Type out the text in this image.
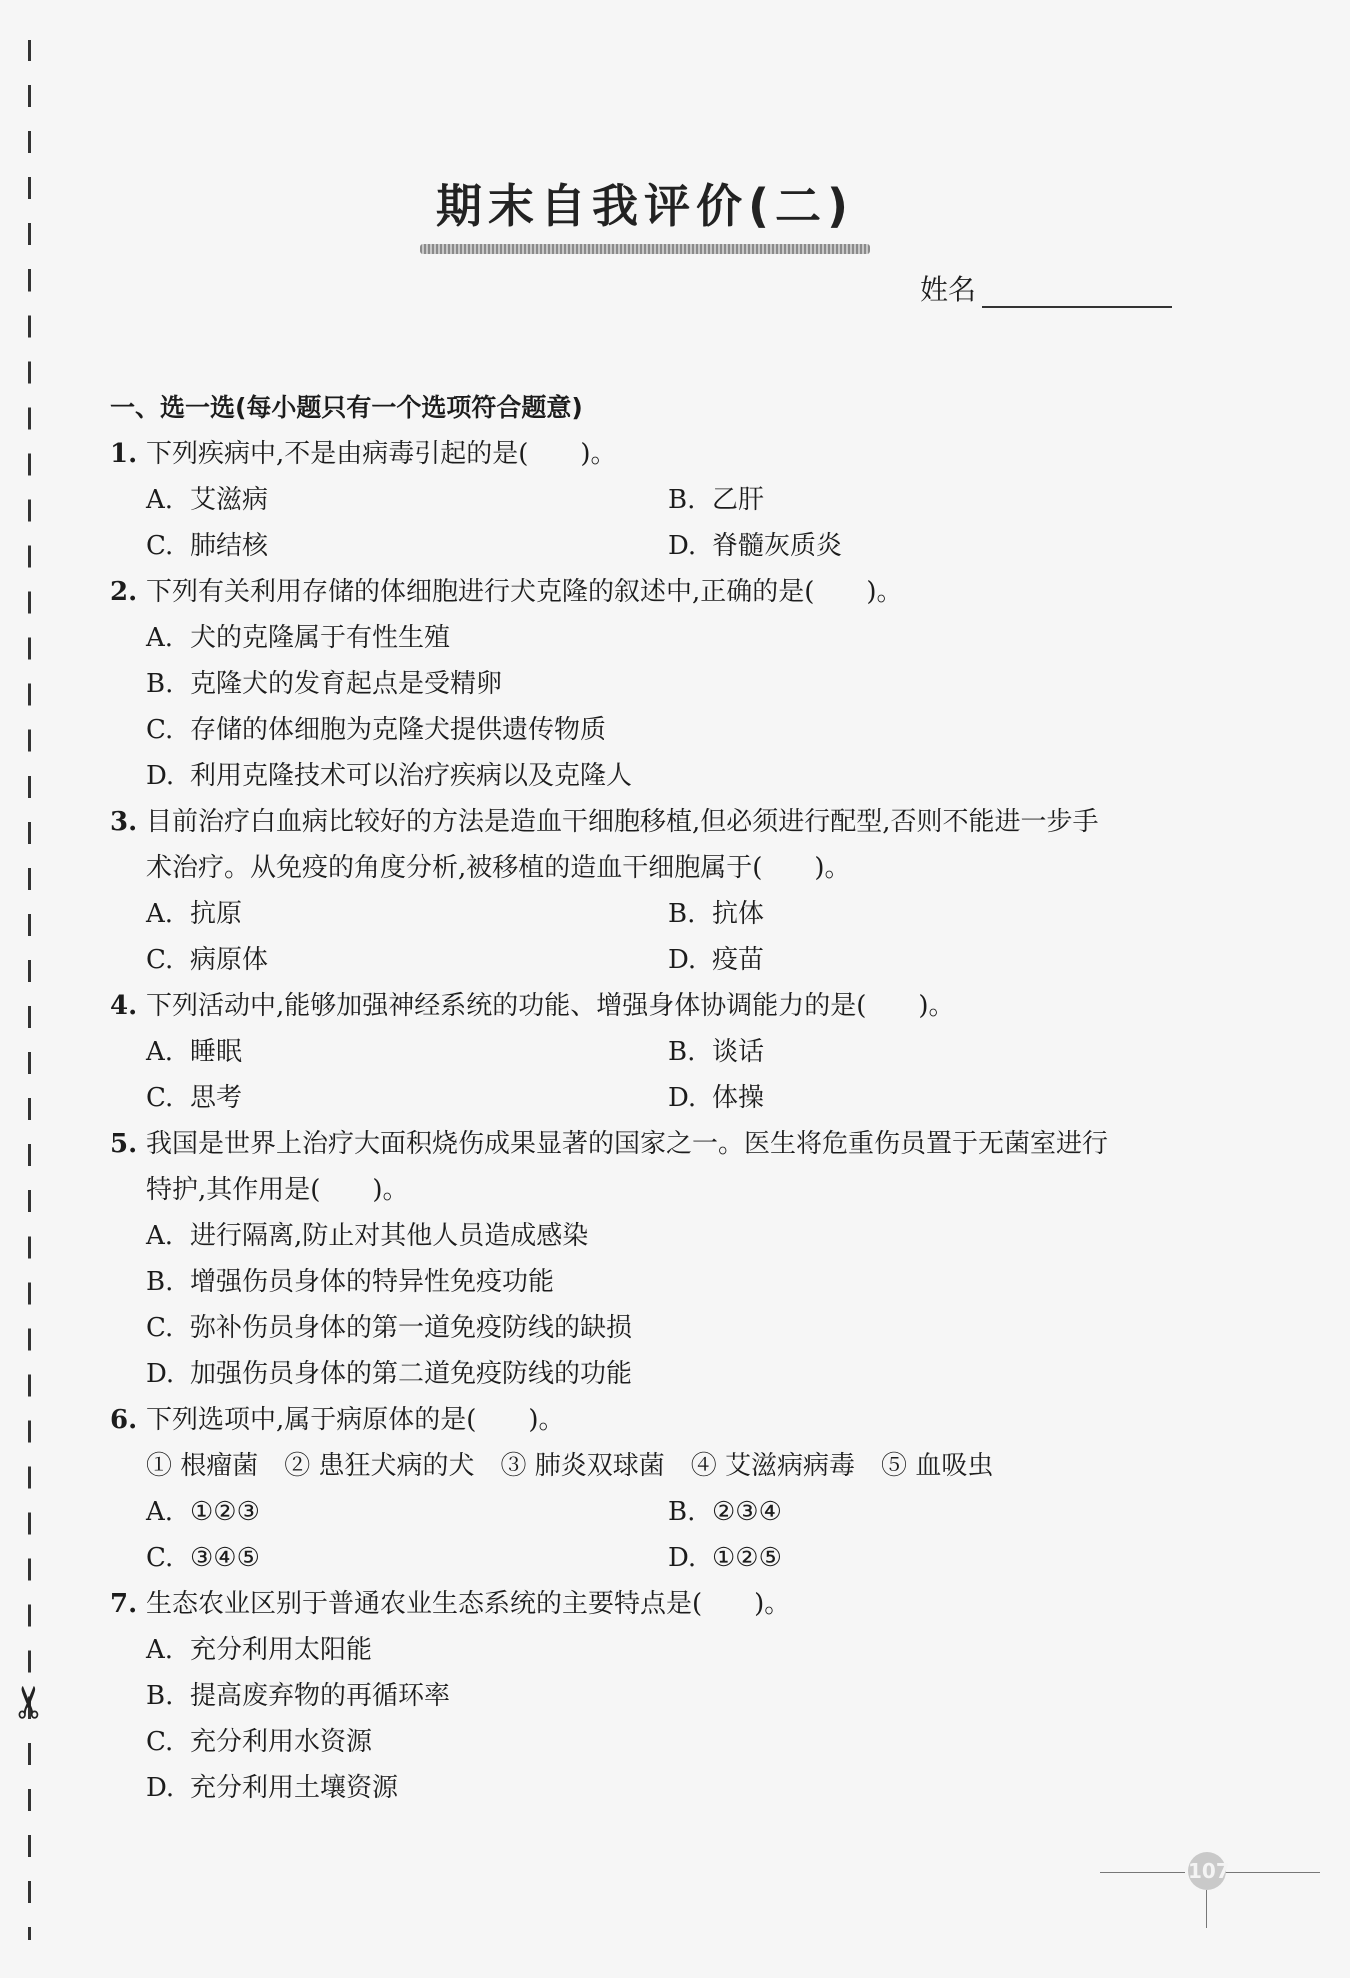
✂
期末自我评价(二)
姓名
一、选一选(每小题只有一个选项符合题意)
1. 下列疾病中,不是由病毒引起的是(　　)。
A. 艾滋病	B. 乙肝
C. 肺结核	D. 脊髓灰质炎
2. 下列有关利用存储的体细胞进行犬克隆的叙述中,正确的是(　　)。
A. 犬的克隆属于有性生殖
B. 克隆犬的发育起点是受精卵
C. 存储的体细胞为克隆犬提供遗传物质
D. 利用克隆技术可以治疗疾病以及克隆人
3. 目前治疗白血病比较好的方法是造血干细胞移植,但必须进行配型,否则不能进一步手
术治疗。从免疫的角度分析,被移植的造血干细胞属于(　　)。
A. 抗原	B. 抗体
C. 病原体	D. 疫苗
4. 下列活动中,能够加强神经系统的功能、增强身体协调能力的是(　　)。
A. 睡眠	B. 谈话
C. 思考	D. 体操
5. 我国是世界上治疗大面积烧伤成果显著的国家之一。医生将危重伤员置于无菌室进行
特护,其作用是(　　)。
A. 进行隔离,防止对其他人员造成感染
B. 增强伤员身体的特异性免疫功能
C. 弥补伤员身体的第一道免疫防线的缺损
D. 加强伤员身体的第二道免疫防线的功能
6. 下列选项中,属于病原体的是(　　)。
① 根瘤菌　② 患狂犬病的犬　③ 肺炎双球菌　④ 艾滋病病毒　⑤ 血吸虫
A. ①②③	B. ②③④
C. ③④⑤	D. ①②⑤
7. 生态农业区别于普通农业生态系统的主要特点是(　　)。
A. 充分利用太阳能
B. 提高废弃物的再循环率
C. 充分利用水资源
D. 充分利用土壤资源
107
